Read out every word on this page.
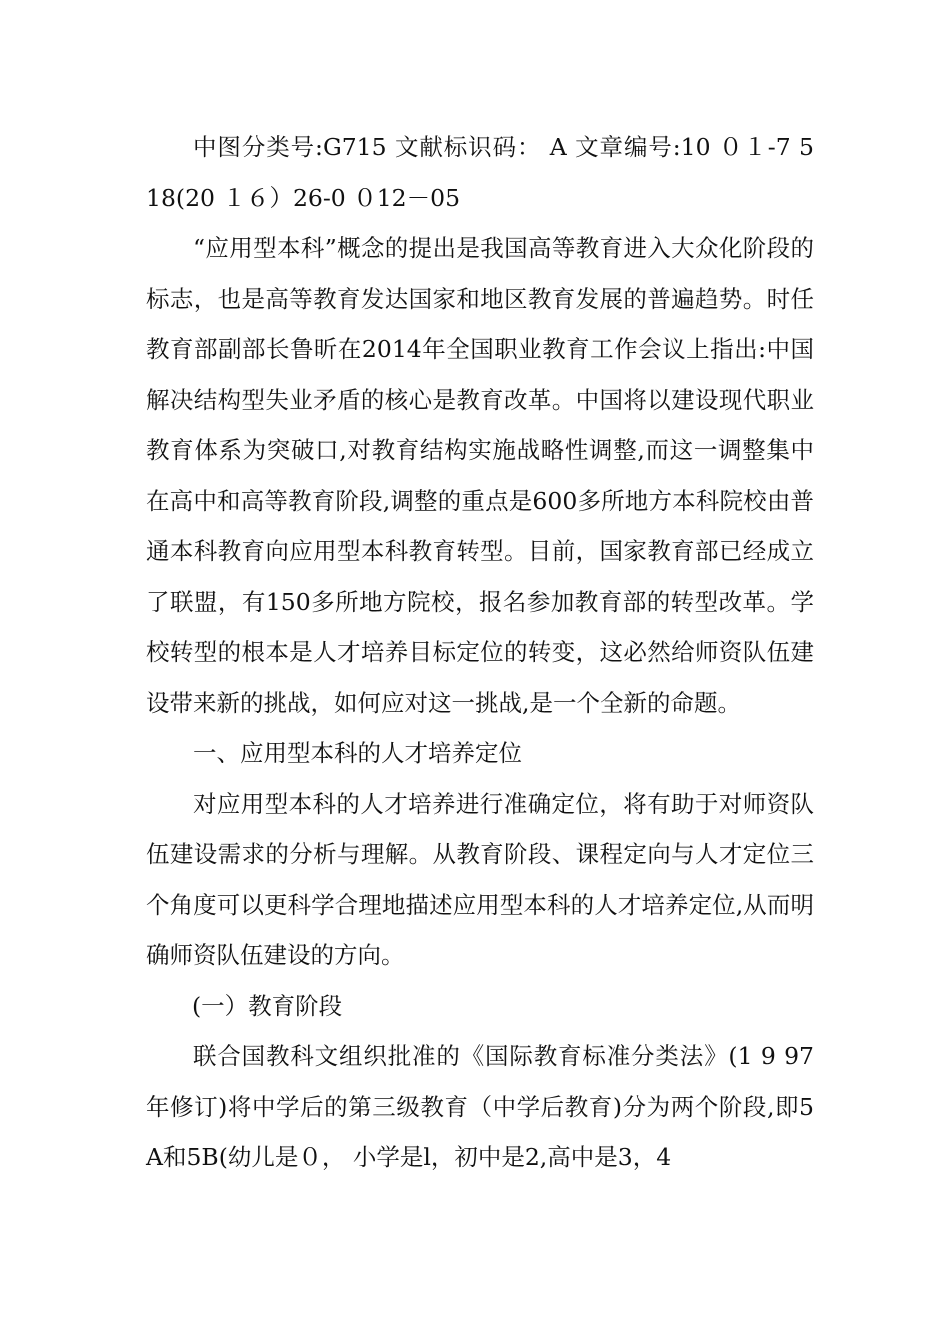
中图分类号:G715 文献标识码： A 文章编号:10 ０１-7 5 18(20 １６）26-0 ０12－05

“应用型本科”概念的提出是我国高等教育进入大众化阶段的标志，也是高等教育发达国家和地区教育发展的普遍趋势。时任教育部副部长鲁昕在2014年全国职业教育工作会议上指出:中国解决结构型失业矛盾的核心是教育改革。中国将以建设现代职业教育体系为突破口,对教育结构实施战略性调整,而这一调整集中在高中和高等教育阶段,调整的重点是600多所地方本科院校由普通本科教育向应用型本科教育转型。目前，国家教育部已经成立了联盟，有150多所地方院校，报名参加教育部的转型改革。学校转型的根本是人才培养目标定位的转变，这必然给师资队伍建设带来新的挑战，如何应对这一挑战,是一个全新的命题。

一、应用型本科的人才培养定位

对应用型本科的人才培养进行准确定位，将有助于对师资队伍建设需求的分析与理解。从教育阶段、课程定向与人才定位三个角度可以更科学合理地描述应用型本科的人才培养定位,从而明确师资队伍建设的方向。

(一）教育阶段

联合国教科文组织批准的《国际教育标准分类法》(1 9 97年修订)将中学后的第三级教育（中学后教育)分为两个阶段,即5A和5B(幼儿是０， 小学是l，初中是2,高中是3，4
